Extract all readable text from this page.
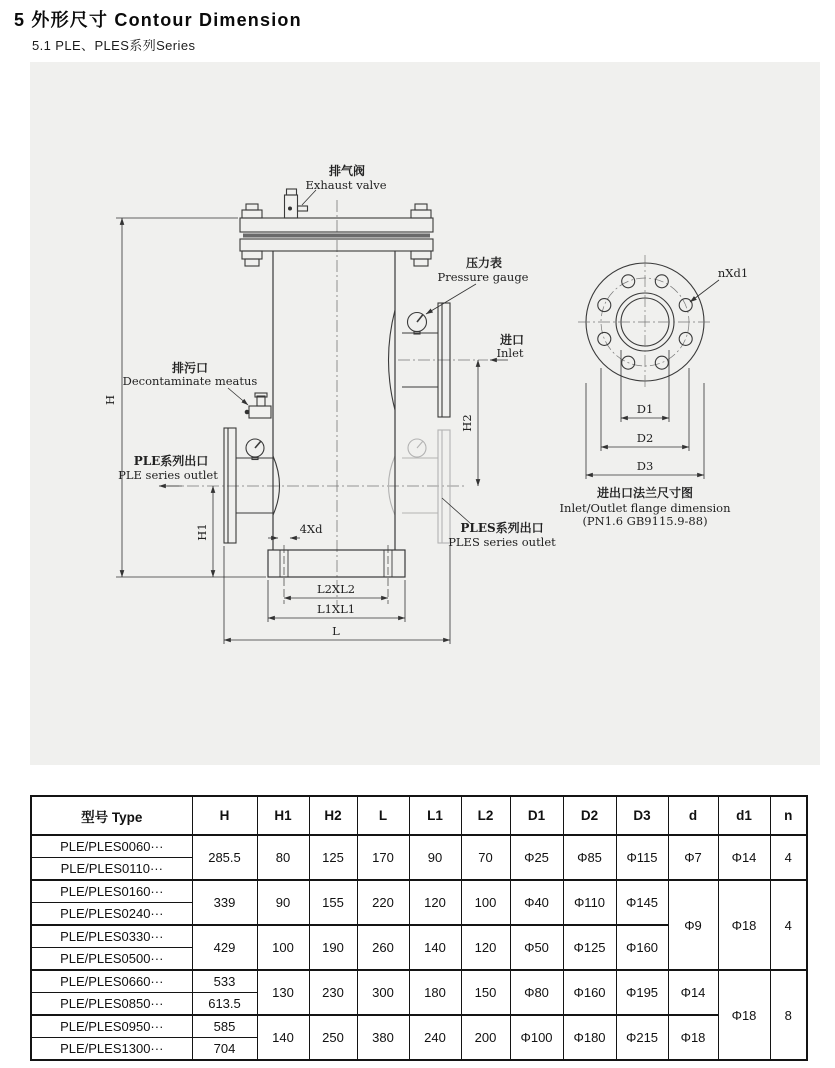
5 外形尺寸 Contour Dimension
5.1 PLE、PLES系列Series
排气阀
Exhaust valve
压力表
Pressure gauge
进口
Inlet
排污口
Decontaminate meatus
PLE系列出口
PLE series outlet
PLES系列出口
PLES series outlet
4Xd
H
H1
H2
L2XL2
L1XL1
L
nXd1
D1
D2
D3
进出口法兰尺寸图
Inlet/Outlet flange dimension
(PN1.6 GB9115.9-88)
型号 Type	H	H1	H2	L	L1	L2	D1	D2	D3	d	d1	n
PLE/PLES0060···	285.5	80	125	170	90	70	Φ25	Φ85	Φ115	Φ7	Φ14	4
PLE/PLES0110···												
PLE/PLES0160···	339	90	155	220	120	100	Φ40	Φ110	Φ145	Φ9	Φ18	4
PLE/PLES0240···												
PLE/PLES0330···	429	100	190	260	140	120	Φ50	Φ125	Φ160			
PLE/PLES0500···												
PLE/PLES0660···	533	130	230	300	180	150	Φ80	Φ160	Φ195	Φ14	Φ18	8
PLE/PLES0850···	613.5											
PLE/PLES0950···	585	140	250	380	240	200	Φ100	Φ180	Φ215	Φ18		
PLE/PLES1300···	704											
